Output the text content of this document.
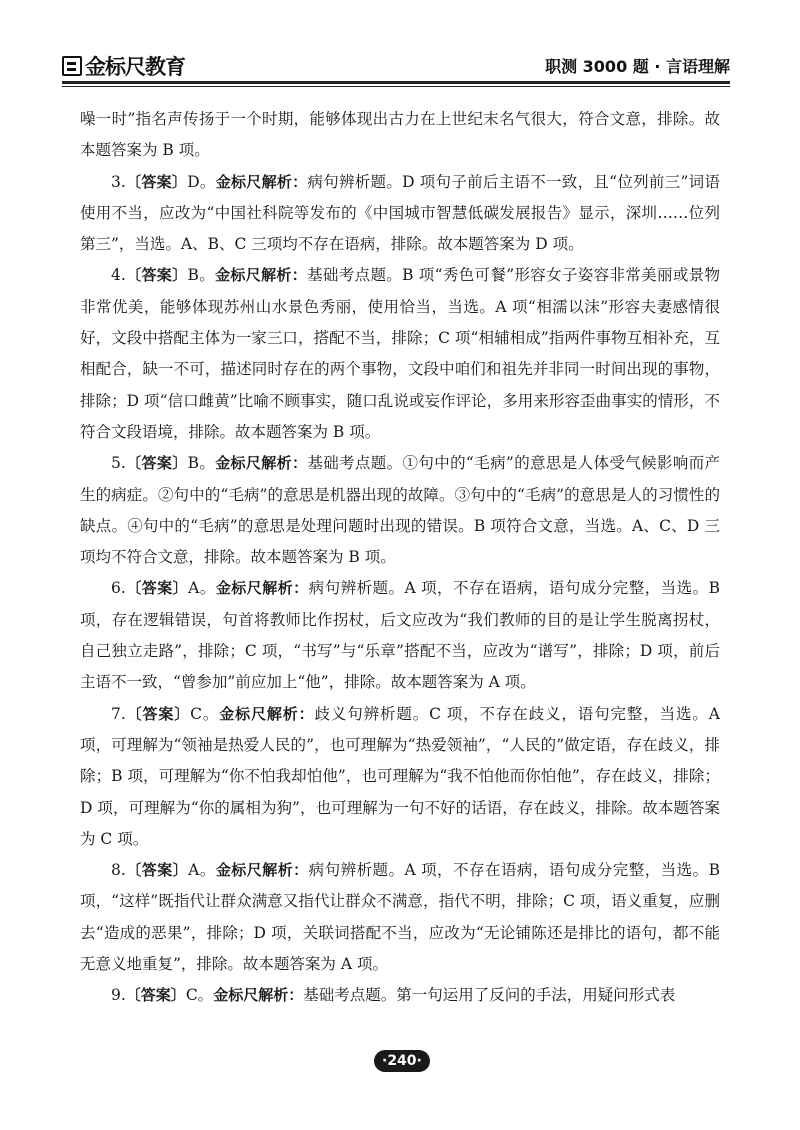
金标尺教育	职测 3000 题 · 言语理解

噪一时”指名声传扬于一个时期，能够体现出古力在上世纪末名气很大，符合文意，排除。故本题答案为 B 项。

3.〔答案〕D。金标尺解析：病句辨析题。D 项句子前后主语不一致，且“位列前三”词语使用不当，应改为“中国社科院等发布的《中国城市智慧低碳发展报告》显示，深圳……位列第三”，当选。A、B、C 三项均不存在语病，排除。故本题答案为 D 项。

4.〔答案〕B。金标尺解析：基础考点题。B 项“秀色可餐”形容女子姿容非常美丽或景物非常优美，能够体现苏州山水景色秀丽，使用恰当，当选。A 项“相濡以沫”形容夫妻感情很好，文段中搭配主体为一家三口，搭配不当，排除；C 项“相辅相成”指两件事物互相补充，互相配合，缺一不可，描述同时存在的两个事物，文段中咱们和祖先并非同一时间出现的事物，排除；D 项“信口雌黄”比喻不顾事实，随口乱说或妄作评论，多用来形容歪曲事实的情形，不符合文段语境，排除。故本题答案为 B 项。

5.〔答案〕B。金标尺解析：基础考点题。①句中的“毛病”的意思是人体受气候影响而产生的病症。②句中的“毛病”的意思是机器出现的故障。③句中的“毛病”的意思是人的习惯性的缺点。④句中的“毛病”的意思是处理问题时出现的错误。B 项符合文意，当选。A、C、D 三项均不符合文意，排除。故本题答案为 B 项。

6.〔答案〕A。金标尺解析：病句辨析题。A 项，不存在语病，语句成分完整，当选。B 项，存在逻辑错误，句首将教师比作拐杖，后文应改为“我们教师的目的是让学生脱离拐杖，自己独立走路”，排除；C 项，“书写”与“乐章”搭配不当，应改为“谱写”，排除；D 项，前后主语不一致，“曾参加”前应加上“他”，排除。故本题答案为 A 项。

7.〔答案〕C。金标尺解析：歧义句辨析题。C 项，不存在歧义，语句完整，当选。A 项，可理解为“领袖是热爱人民的”，也可理解为“热爱领袖”，“人民的”做定语，存在歧义，排除；B 项，可理解为“你不怕我却怕他”，也可理解为“我不怕他而你怕他”，存在歧义，排除；D 项，可理解为“你的属相为狗”，也可理解为一句不好的话语，存在歧义，排除。故本题答案为 C 项。

8.〔答案〕A。金标尺解析：病句辨析题。A 项，不存在语病，语句成分完整，当选。B 项，“这样”既指代让群众满意又指代让群众不满意，指代不明，排除；C 项，语义重复，应删去“造成的恶果”，排除；D 项，关联词搭配不当，应改为“无论铺陈还是排比的语句，都不能无意义地重复”，排除。故本题答案为 A 项。

9.〔答案〕C。金标尺解析：基础考点题。第一句运用了反问的手法，用疑问形式表

·240·
